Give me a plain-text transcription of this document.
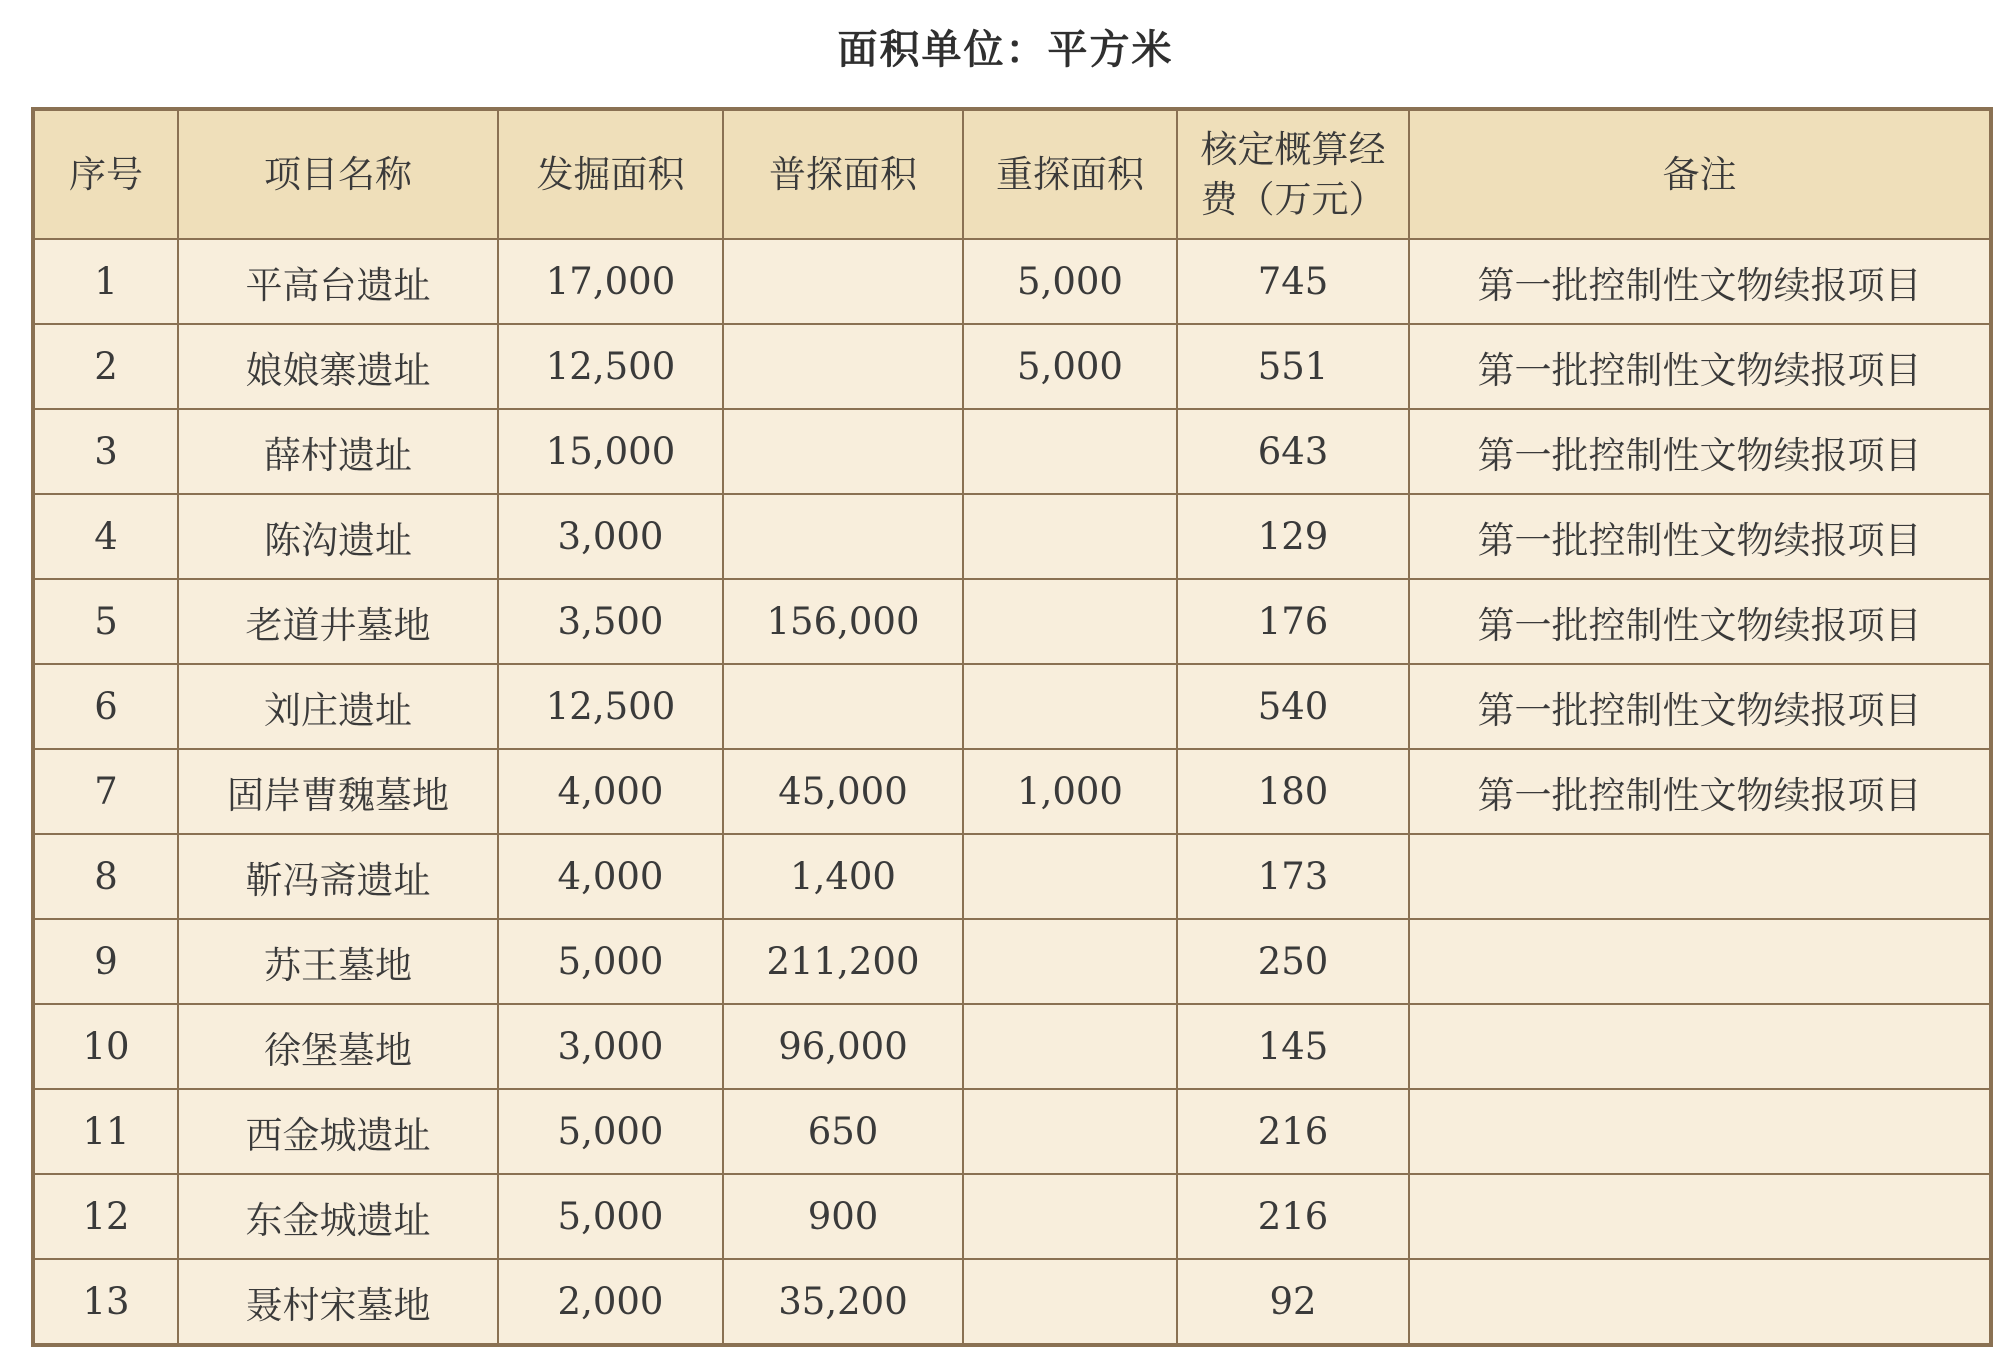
面积单位：平方米
序号	项目名称	发掘面积	普探面积	重探面积	核定概算经费（万元）	备注
1	平高台遗址	17,000		5,000	745	第一批控制性文物续报项目
2	娘娘寨遗址	12,500		5,000	551	第一批控制性文物续报项目
3	薛村遗址	15,000			643	第一批控制性文物续报项目
4	陈沟遗址	3,000			129	第一批控制性文物续报项目
5	老道井墓地	3,500	156,000		176	第一批控制性文物续报项目
6	刘庄遗址	12,500			540	第一批控制性文物续报项目
7	固岸曹魏墓地	4,000	45,000	1,000	180	第一批控制性文物续报项目
8	靳冯斋遗址	4,000	1,400		173	
9	苏王墓地	5,000	211,200		250	
10	徐堡墓地	3,000	96,000		145	
11	西金城遗址	5,000	650		216	
12	东金城遗址	5,000	900		216	
13	聂村宋墓地	2,000	35,200		92	
